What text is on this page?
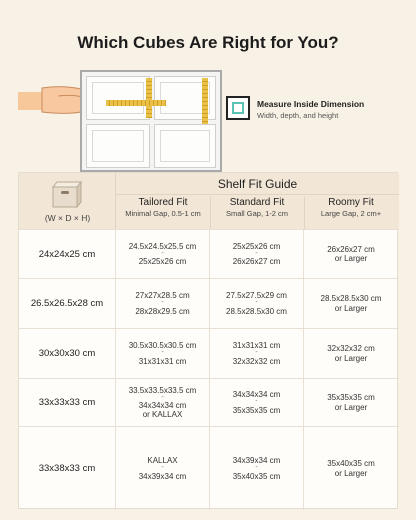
Which Cubes Are Right for You?
Measure Inside Dimension
Width, depth, and height
(W × D × H)
Shelf Fit Guide
Tailored Fit
Minimal Gap, 0.5-1 cm
Standard Fit
Small Gap, 1-2 cm
Roomy Fit
Large Gap, 2 cm+
24x24x25 cm
24.5x24.5x25.5 cm
-
25x25x26 cm
25x25x26 cm
-
26x26x27 cm
26x26x27 cm
or Larger
26.5x26.5x28 cm
27x27x28.5 cm
-
28x28x29.5 cm
27.5x27.5x29 cm
-
28.5x28.5x30 cm
28.5x28.5x30 cm
or Larger
30x30x30 cm
30.5x30.5x30.5 cm
-
31x31x31 cm
31x31x31 cm
-
32x32x32 cm
32x32x32 cm
or Larger
33x33x33 cm
33.5x33.5x33.5 cm
-
34x34x34 cm
or KALLAX
34x34x34 cm
-
35x35x35 cm
35x35x35 cm
or Larger
33x38x33 cm
KALLAX
-
34x39x34 cm
34x39x34 cm
-
35x40x35 cm
35x40x35 cm
or Larger
